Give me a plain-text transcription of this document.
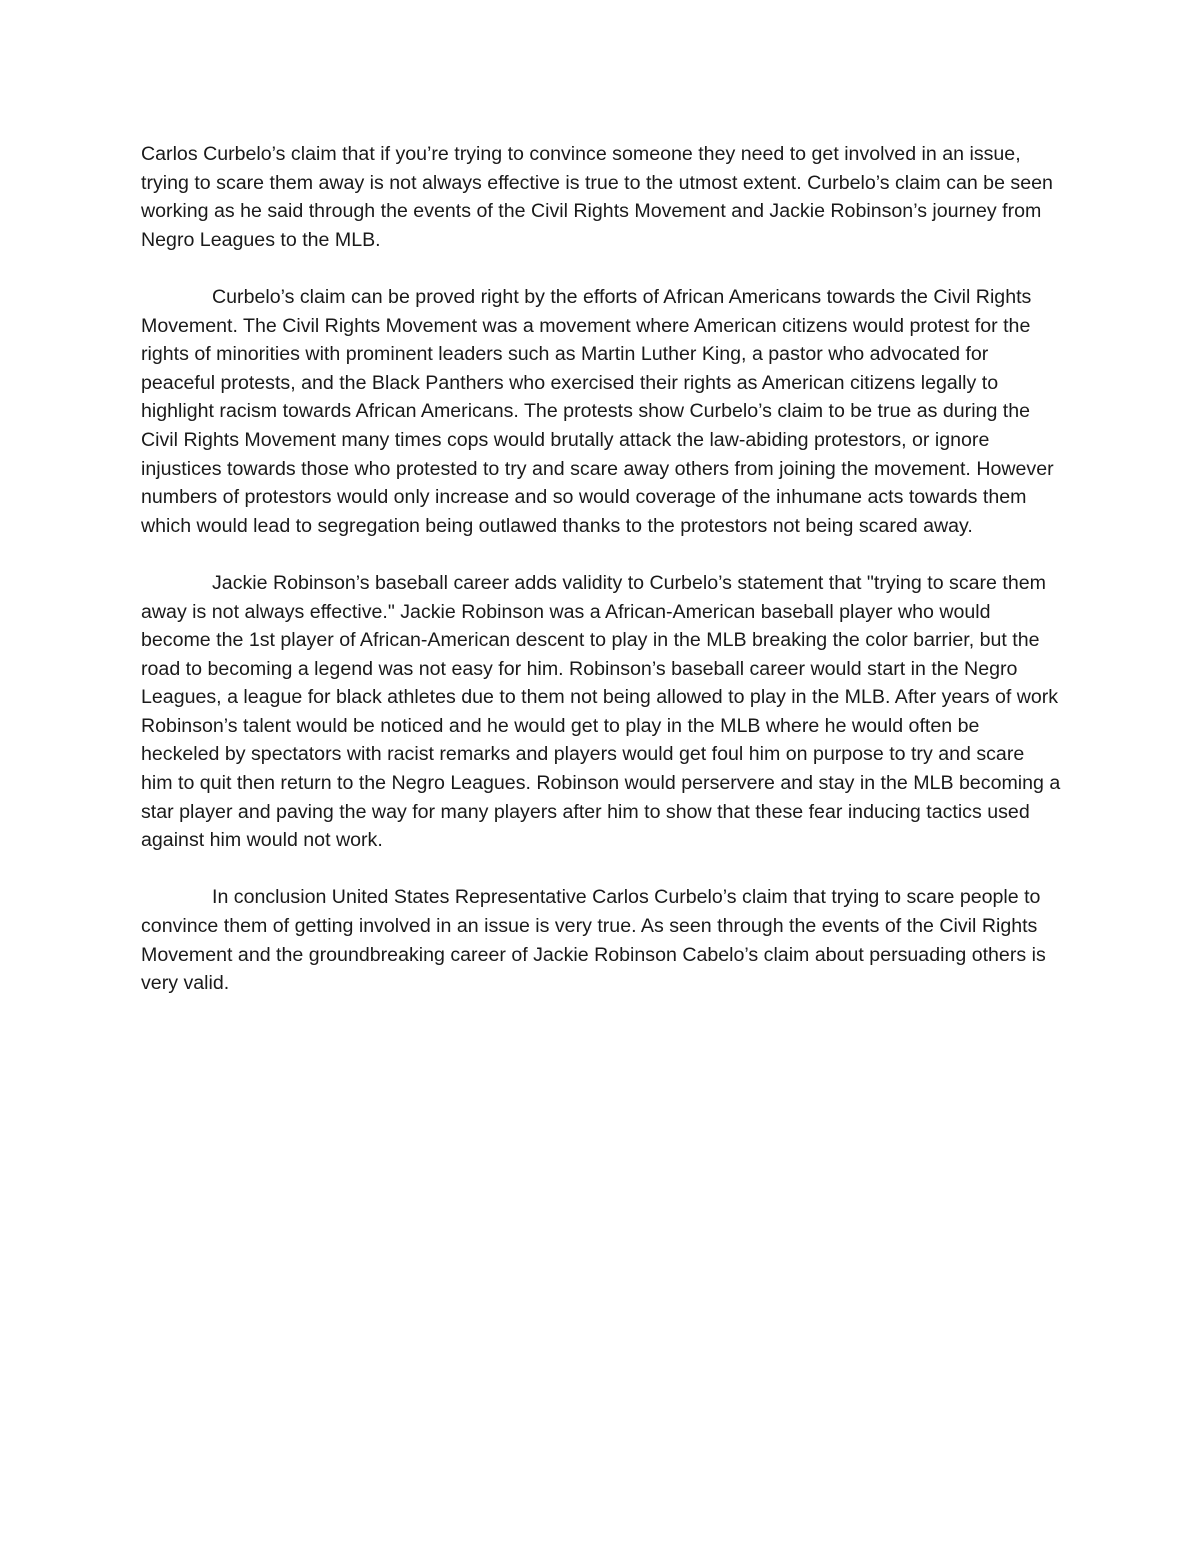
Carlos Curbelo’s claim that if you’re trying to convince someone they need to get involved in an issue, trying to scare them away is not always effective is true to the utmost extent. Curbelo’s claim can be seen working as he said through the events of the Civil Rights Movement and Jackie Robinson’s journey from Negro Leagues to the MLB.

Curbelo’s claim can be proved right by the efforts of African Americans towards the Civil Rights Movement. The Civil Rights Movement was a movement where American citizens would protest for the rights of minorities with prominent leaders such as Martin Luther King, a pastor who advocated for peaceful protests, and the Black Panthers who exercised their rights as American citizens legally to highlight racism towards African Americans. The protests show Curbelo’s claim to be true as during the Civil Rights Movement many times cops would brutally attack the law-abiding protestors, or ignore injustices towards those who protested to try and scare away others from joining the movement. However numbers of protestors would only increase and so would coverage of the inhumane acts towards them which would lead to segregation being outlawed thanks to the protestors not being scared away.

Jackie Robinson’s baseball career adds validity to Curbelo’s statement that "trying to scare them away is not always effective." Jackie Robinson was a African-American baseball player who would become the 1st player of African-American descent to play in the MLB breaking the color barrier, but the road to becoming a legend was not easy for him. Robinson’s baseball career would start in the Negro Leagues, a league for black athletes due to them not being allowed to play in the MLB. After years of work Robinson’s talent would be noticed and he would get to play in the MLB where he would often be heckeled by spectators with racist remarks and players would get foul him on purpose to try and scare him to quit then return to the Negro Leagues. Robinson would perservere and stay in the MLB becoming a star player and paving the way for many players after him to show that these fear inducing tactics used against him would not work.

In conclusion United States Representative Carlos Curbelo’s claim that trying to scare people to convince them of getting involved in an issue is very true. As seen through the events of the Civil Rights Movement and the groundbreaking career of Jackie Robinson Cabelo’s claim about persuading others is very valid.
